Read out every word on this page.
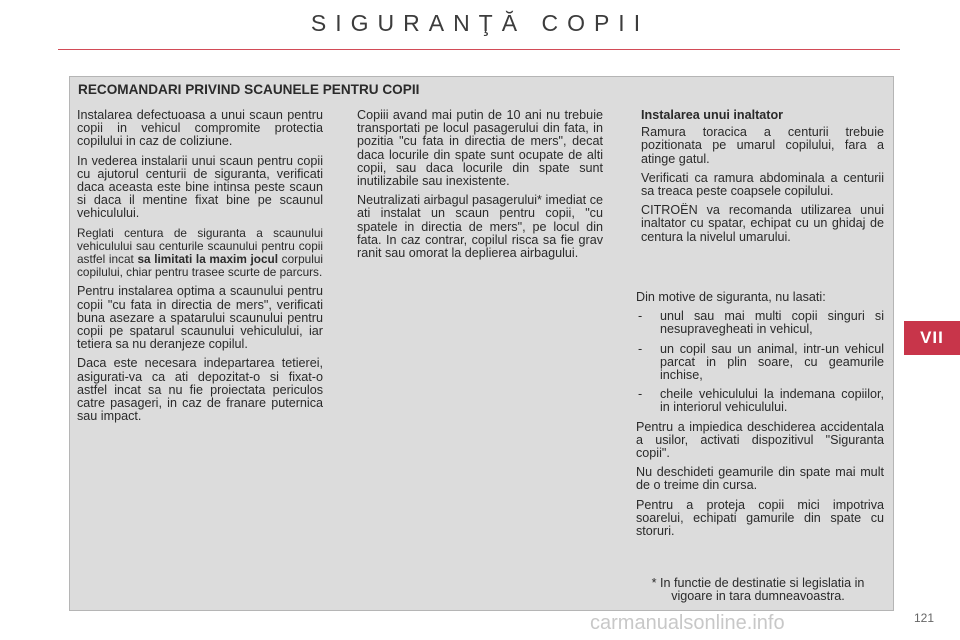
SIGURANŢĂ COPII
VII
RECOMANDARI PRIVIND SCAUNELE PENTRU COPII

Instalarea defectuoasa a unui scaun pentru copii in vehicul compromite protectia copilului in caz de coliziune.

In vederea instalarii unui scaun pentru copii cu ajutorul centurii de siguranta, verificati daca aceasta este bine intinsa peste scaun si daca il mentine fixat bine pe scaunul vehiculului.

Reglati centura de siguranta a scaunului vehiculului sau centurile scaunului pentru copii astfel incat sa limitati la maxim jocul corpului copilului, chiar pentru trasee scurte de parcurs.

Pentru instalarea optima a scaunului pentru copii "cu fata in directia de mers", verificati buna asezare a spatarului scaunului pentru copii pe spatarul scaunului vehiculului, iar tetiera sa nu deranjeze copilul.

Daca este necesara indepartarea tetierei, asigurati-va ca ati depozitat-o si fixat-o astfel incat sa nu fie proiectata periculos catre pasageri, in caz de franare puternica sau impact.

Copiii avand mai putin de 10 ani nu trebuie transportati pe locul pasagerului din fata, in pozitia "cu fata in directia de mers", decat daca locurile din spate sunt ocupate de alti copii, sau daca locurile din spate sunt inutilizabile sau inexistente.

Neutralizati airbagul pasagerului* imediat ce ati instalat un scaun pentru copii, "cu spatele in directia de mers", pe locul din fata. In caz contrar, copilul risca sa fie grav ranit sau omorat la deplierea airbagului.

Instalarea unui inaltator

Ramura toracica a centurii trebuie pozitionata pe umarul copilului, fara a atinge gatul.

Verificati ca ramura abdominala a centurii sa treaca peste coapsele copilului.

CITROËN va recomanda utilizarea unui inaltator cu spatar, echipat cu un ghidaj de centura la nivelul umarului.

Din motive de siguranta, nu lasati:

- unul sau mai multi copii singuri si nesupravegheati in vehicul,
- un copil sau un animal, intr-un vehicul parcat in plin soare, cu geamurile inchise,
- cheile vehiculului la indemana copiilor, in interiorul vehiculului.

Pentru a impiedica deschiderea accidentala a usilor, activati dispozitivul "Siguranta copii".

Nu deschideti geamurile din spate mai mult de o treime din cursa.

Pentru a proteja copii mici impotriva soarelui, echipati gamurile din spate cu storuri.

* In functie de destinatie si legislatia in vigoare in tara dumneavoastra.
carmanualsonline.info	121
